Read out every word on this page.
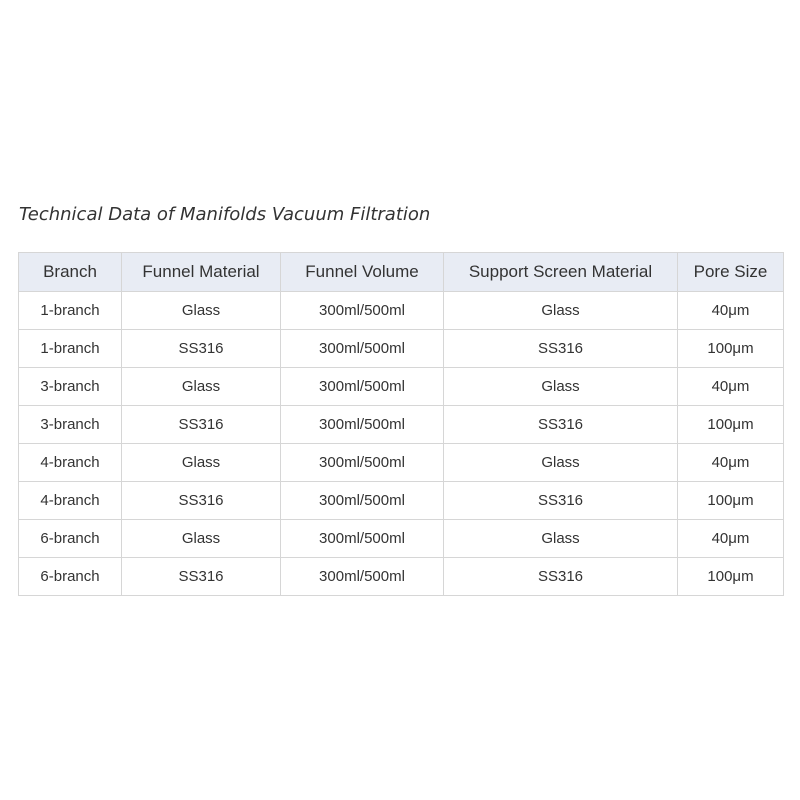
Technical Data of Manifolds Vacuum Filtration
Branch	Funnel Material	Funnel Volume	Support Screen Material	Pore Size
1-branch	Glass	300ml/500ml	Glass	40μm
1-branch	SS316	300ml/500ml	SS316	100μm
3-branch	Glass	300ml/500ml	Glass	40μm
3-branch	SS316	300ml/500ml	SS316	100μm
4-branch	Glass	300ml/500ml	Glass	40μm
4-branch	SS316	300ml/500ml	SS316	100μm
6-branch	Glass	300ml/500ml	Glass	40μm
6-branch	SS316	300ml/500ml	SS316	100μm
